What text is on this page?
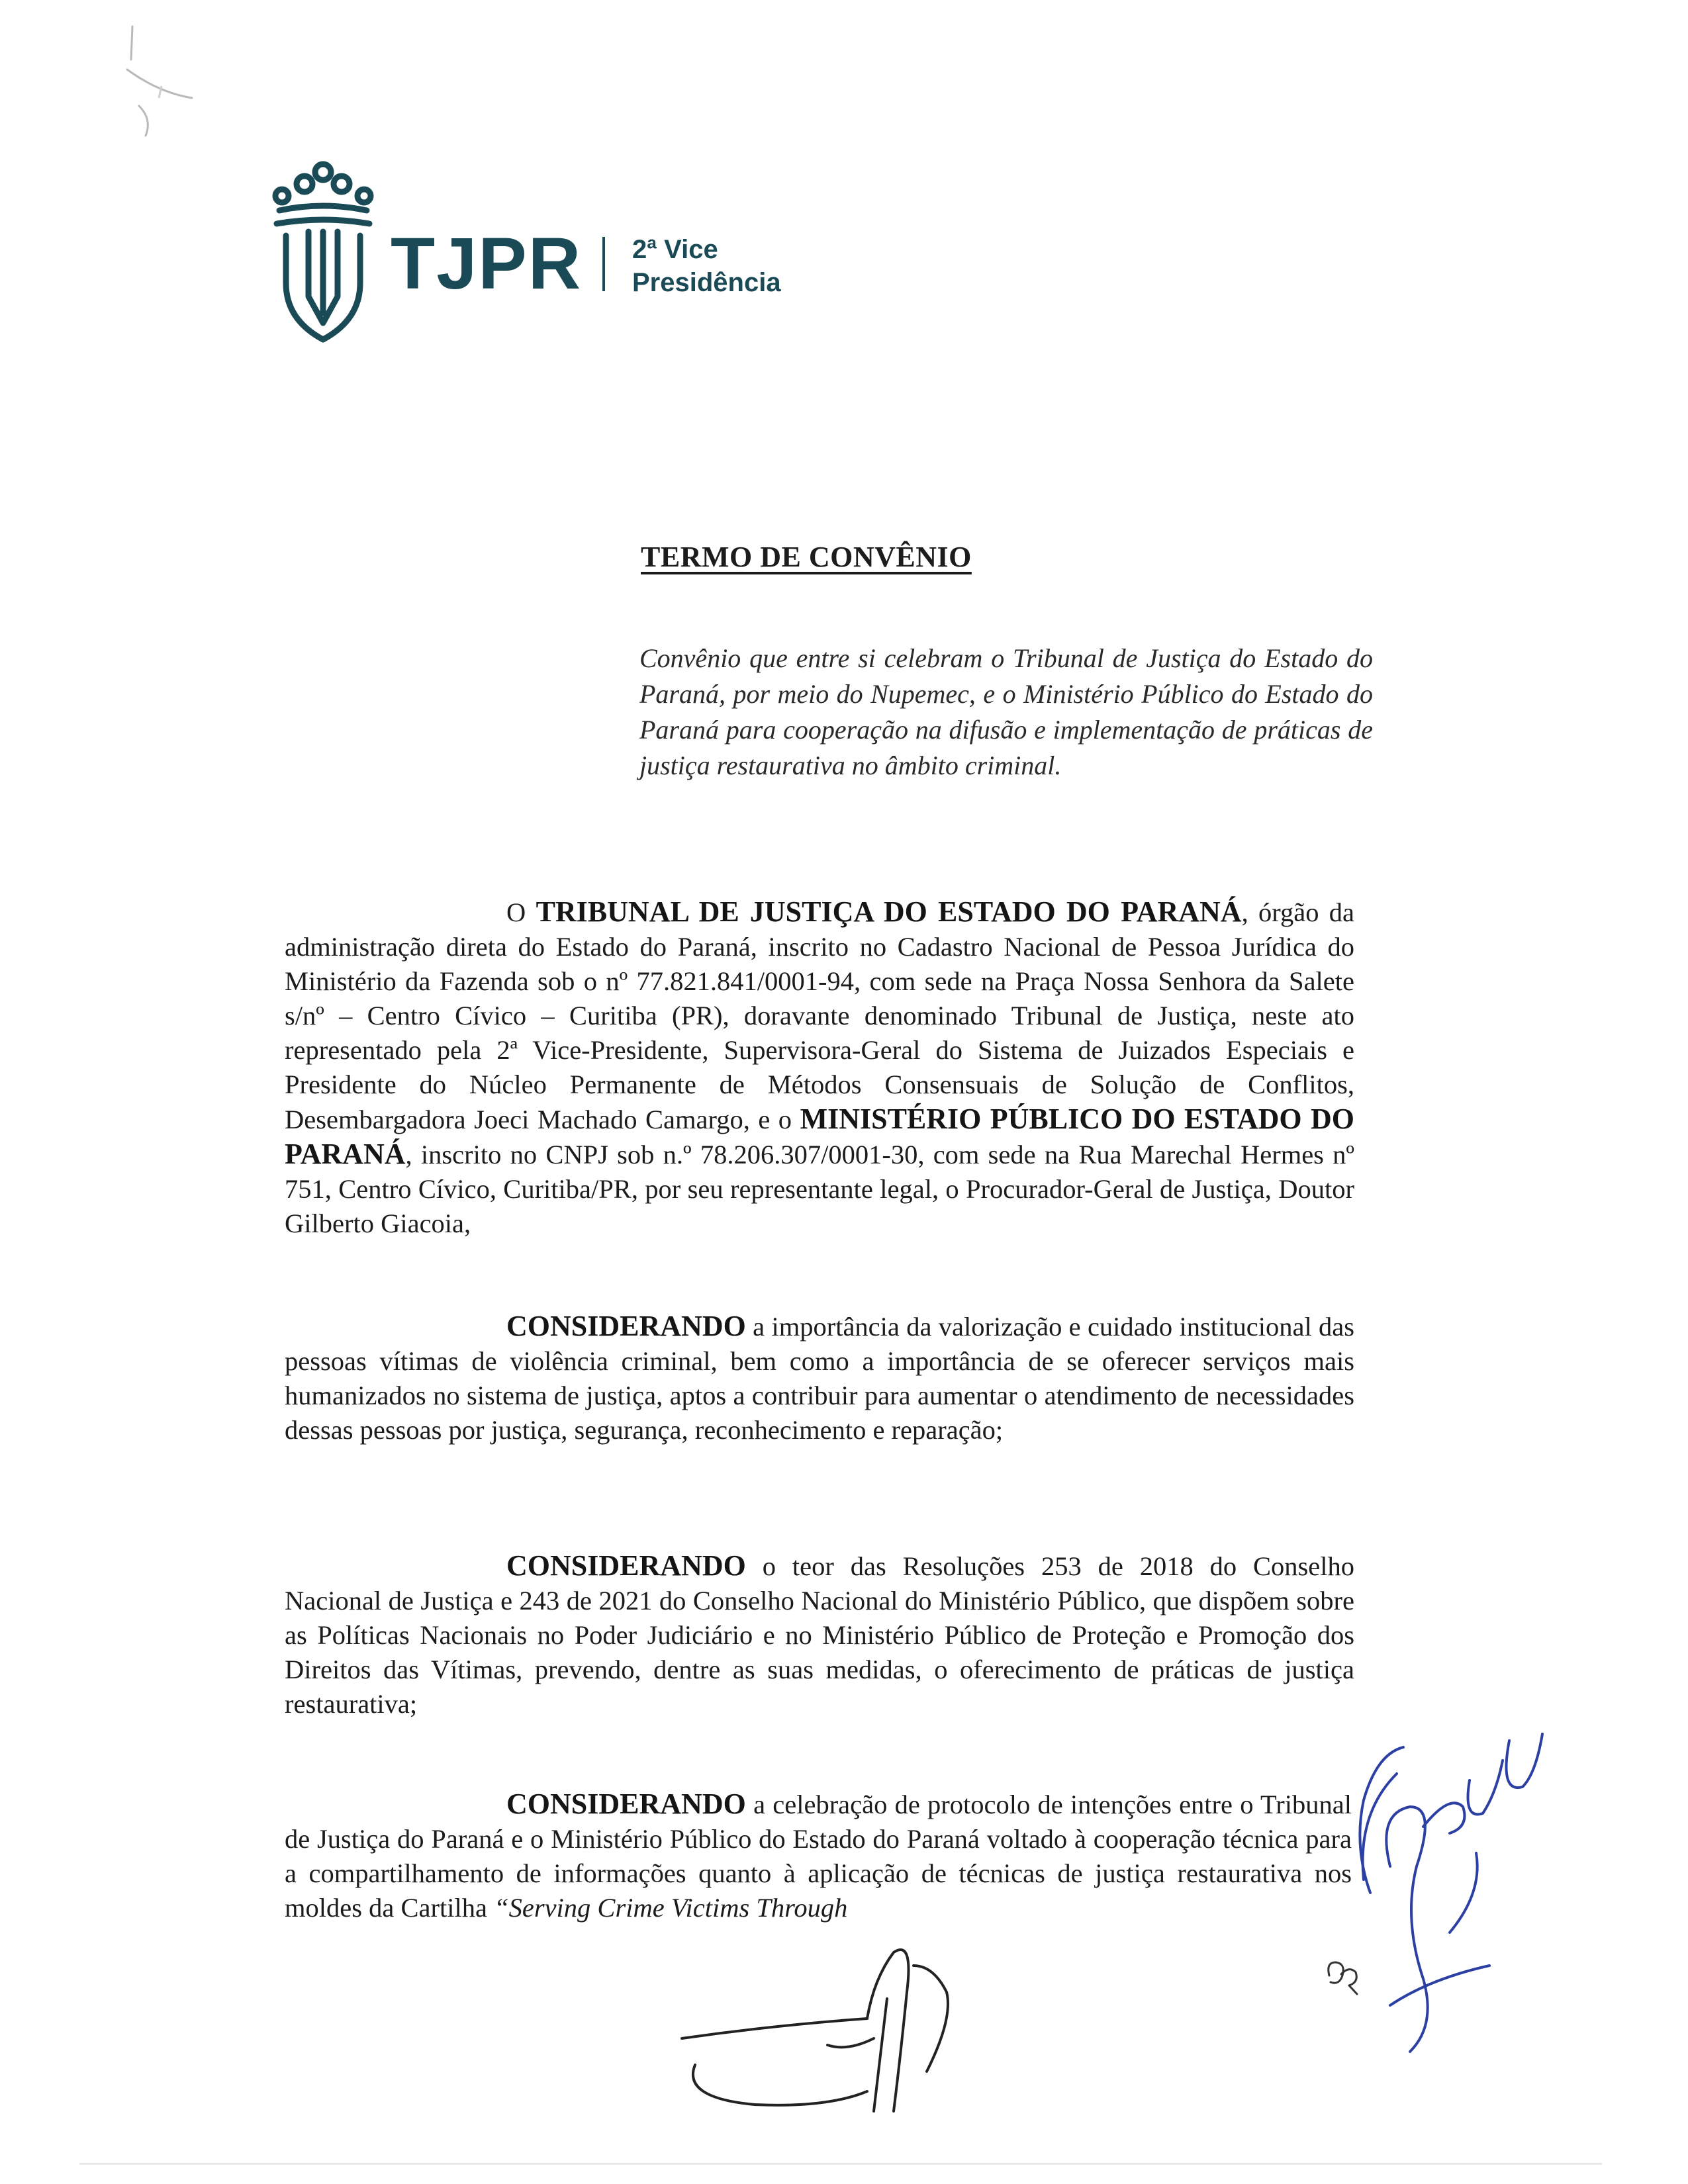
TJPR 2ª Vice
Presidência
TERMO DE CONVÊNIO
Convênio que entre si celebram o Tribunal de Justiça do Estado do Paraná, por meio do Nupemec, e o Ministério Público do Estado do Paraná para cooperação na difusão e implementação de práticas de justiça restaurativa no âmbito criminal.
O TRIBUNAL DE JUSTIÇA DO ESTADO DO PARANÁ, órgão da administração direta do Estado do Paraná, inscrito no Cadastro Nacional de Pessoa Jurídica do Ministério da Fazenda sob o nº 77.821.841/0001-94, com sede na Praça Nossa Senhora da Salete s/nº – Centro Cívico – Curitiba (PR), doravante denominado Tribunal de Justiça, neste ato representado pela 2ª Vice-Presidente, Supervisora-Geral do Sistema de Juizados Especiais e Presidente do Núcleo Permanente de Métodos Consensuais de Solução de Conflitos, Desembargadora Joeci Machado Camargo, e o MINISTÉRIO PÚBLICO DO ESTADO DO PARANÁ, inscrito no CNPJ sob n.º 78.206.307/0001-30, com sede na Rua Marechal Hermes nº 751, Centro Cívico, Curitiba/PR, por seu representante legal, o Procurador-Geral de Justiça, Doutor Gilberto Giacoia,
CONSIDERANDO a importância da valorização e cuidado institucional das pessoas vítimas de violência criminal, bem como a importância de se oferecer serviços mais humanizados no sistema de justiça, aptos a contribuir para aumentar o atendimento de necessidades dessas pessoas por justiça, segurança, reconhecimento e reparação;
CONSIDERANDO o teor das Resoluções 253 de 2018 do Conselho Nacional de Justiça e 243 de 2021 do Conselho Nacional do Ministério Público, que dispõem sobre as Políticas Nacionais no Poder Judiciário e no Ministério Público de Proteção e Promoção dos Direitos das Vítimas, prevendo, dentre as suas medidas, o oferecimento de práticas de justiça restaurativa;
CONSIDERANDO a celebração de protocolo de intenções entre o Tribunal de Justiça do Paraná e o Ministério Público do Estado do Paraná voltado à cooperação técnica para a compartilhamento de informações quanto à aplicação de técnicas de justiça restaurativa nos moldes da Cartilha “Serving Crime Victims Through
